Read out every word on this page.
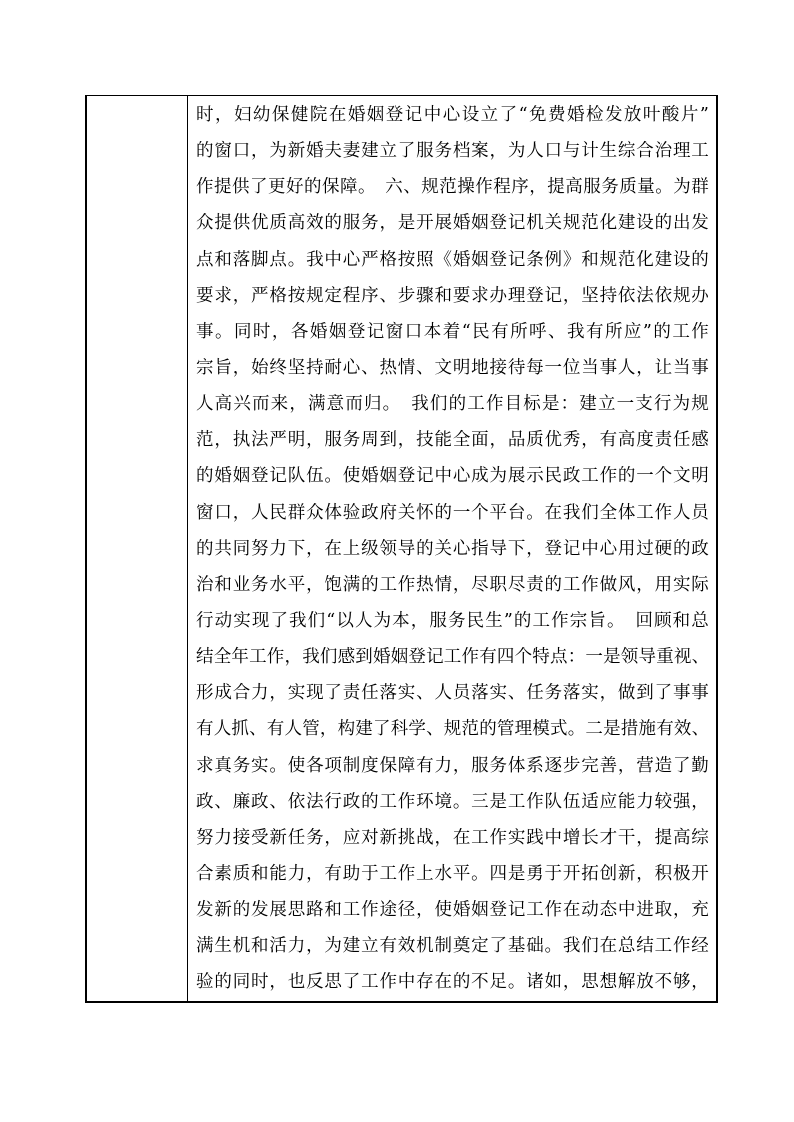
时，妇幼保健院在婚姻登记中心设立了“免费婚检发放叶酸片”
的窗口，为新婚夫妻建立了服务档案，为人口与计生综合治理工
作提供了更好的保障。　六、规范操作程序，提高服务质量。为群
众提供优质高效的服务，是开展婚姻登记机关规范化建设的出发
点和落脚点。我中心严格按照《婚姻登记条例》和规范化建设的
要求，严格按规定程序、步骤和要求办理登记，坚持依法依规办
事。同时，各婚姻登记窗口本着“民有所呼、我有所应”的工作
宗旨，始终坚持耐心、热情、文明地接待每一位当事人，让当事
人高兴而来，满意而归。　我们的工作目标是：建立一支行为规
范，执法严明，服务周到，技能全面，品质优秀，有高度责任感
的婚姻登记队伍。使婚姻登记中心成为展示民政工作的一个文明
窗口，人民群众体验政府关怀的一个平台。在我们全体工作人员
的共同努力下，在上级领导的关心指导下，登记中心用过硬的政
治和业务水平，饱满的工作热情，尽职尽责的工作做风，用实际
行动实现了我们“以人为本，服务民生”的工作宗旨。　回顾和总
结全年工作，我们感到婚姻登记工作有四个特点：一是领导重视、
形成合力，实现了责任落实、人员落实、任务落实，做到了事事
有人抓、有人管，构建了科学、规范的管理模式。二是措施有效、
求真务实。使各项制度保障有力，服务体系逐步完善，营造了勤
政、廉政、依法行政的工作环境。三是工作队伍适应能力较强，
努力接受新任务，应对新挑战，在工作实践中增长才干，提高综
合素质和能力，有助于工作上水平。四是勇于开拓创新，积极开
发新的发展思路和工作途径，使婚姻登记工作在动态中进取，充
满生机和活力，为建立有效机制奠定了基础。我们在总结工作经
验的同时，也反思了工作中存在的不足。诸如，思想解放不够，
